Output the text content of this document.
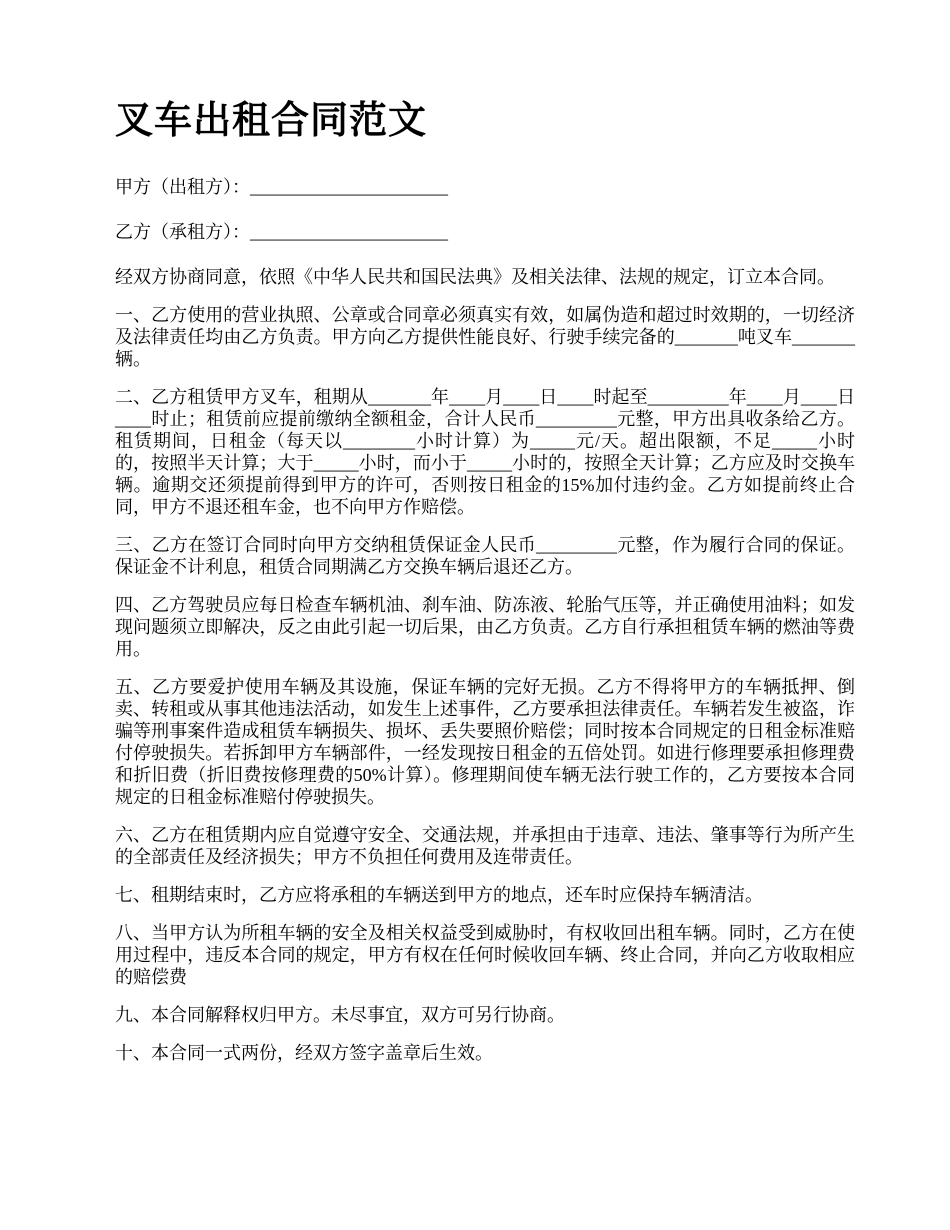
叉车出租合同范文

甲方（出租方）：______________________

乙方（承租方）：______________________

经双方协商同意，依照《中华人民共和国民法典》及相关法律、法规的规定，订立本合同。

一、乙方使用的营业执照、公章或合同章必须真实有效，如属伪造和超过时效期的，一切经济及法律责任均由乙方负责。甲方向乙方提供性能良好、行驶手续完备的_______吨叉车_______辆。

二、乙方租赁甲方叉车，租期从_______年____月____日____时起至_________年____月____日____时止；租赁前应提前缴纳全额租金，合计人民币_________元整，甲方出具收条给乙方。租赁期间，日租金（每天以________小时计算）为_____元/天。超出限额，不足_____小时的，按照半天计算；大于_____小时，而小于_____小时的，按照全天计算；乙方应及时交换车辆。逾期交还须提前得到甲方的许可，否则按日租金的15%加付违约金。乙方如提前终止合同，甲方不退还租车金，也不向甲方作赔偿。

三、乙方在签订合同时向甲方交纳租赁保证金人民币_________元整，作为履行合同的保证。保证金不计利息，租赁合同期满乙方交换车辆后退还乙方。

四、乙方驾驶员应每日检查车辆机油、刹车油、防冻液、轮胎气压等，并正确使用油料；如发现问题须立即解决，反之由此引起一切后果，由乙方负责。乙方自行承担租赁车辆的燃油等费用。

五、乙方要爱护使用车辆及其设施，保证车辆的完好无损。乙方不得将甲方的车辆抵押、倒卖、转租或从事其他违法活动，如发生上述事件，乙方要承担法律责任。车辆若发生被盗，诈骗等刑事案件造成租赁车辆损失、损坏、丢失要照价赔偿；同时按本合同规定的日租金标准赔付停驶损失。若拆卸甲方车辆部件，一经发现按日租金的五倍处罚。如进行修理要承担修理费和折旧费（折旧费按修理费的50%计算）。修理期间使车辆无法行驶工作的，乙方要按本合同规定的日租金标准赔付停驶损失。

六、乙方在租赁期内应自觉遵守安全、交通法规，并承担由于违章、违法、肇事等行为所产生的全部责任及经济损失；甲方不负担任何费用及连带责任。

七、租期结束时，乙方应将承租的车辆送到甲方的地点，还车时应保持车辆清洁。

八、当甲方认为所租车辆的安全及相关权益受到威胁时，有权收回出租车辆。同时，乙方在使用过程中，违反本合同的规定，甲方有权在任何时候收回车辆、终止合同，并向乙方收取相应的赔偿费

九、本合同解释权归甲方。未尽事宜，双方可另行协商。

十、本合同一式两份，经双方签字盖章后生效。
